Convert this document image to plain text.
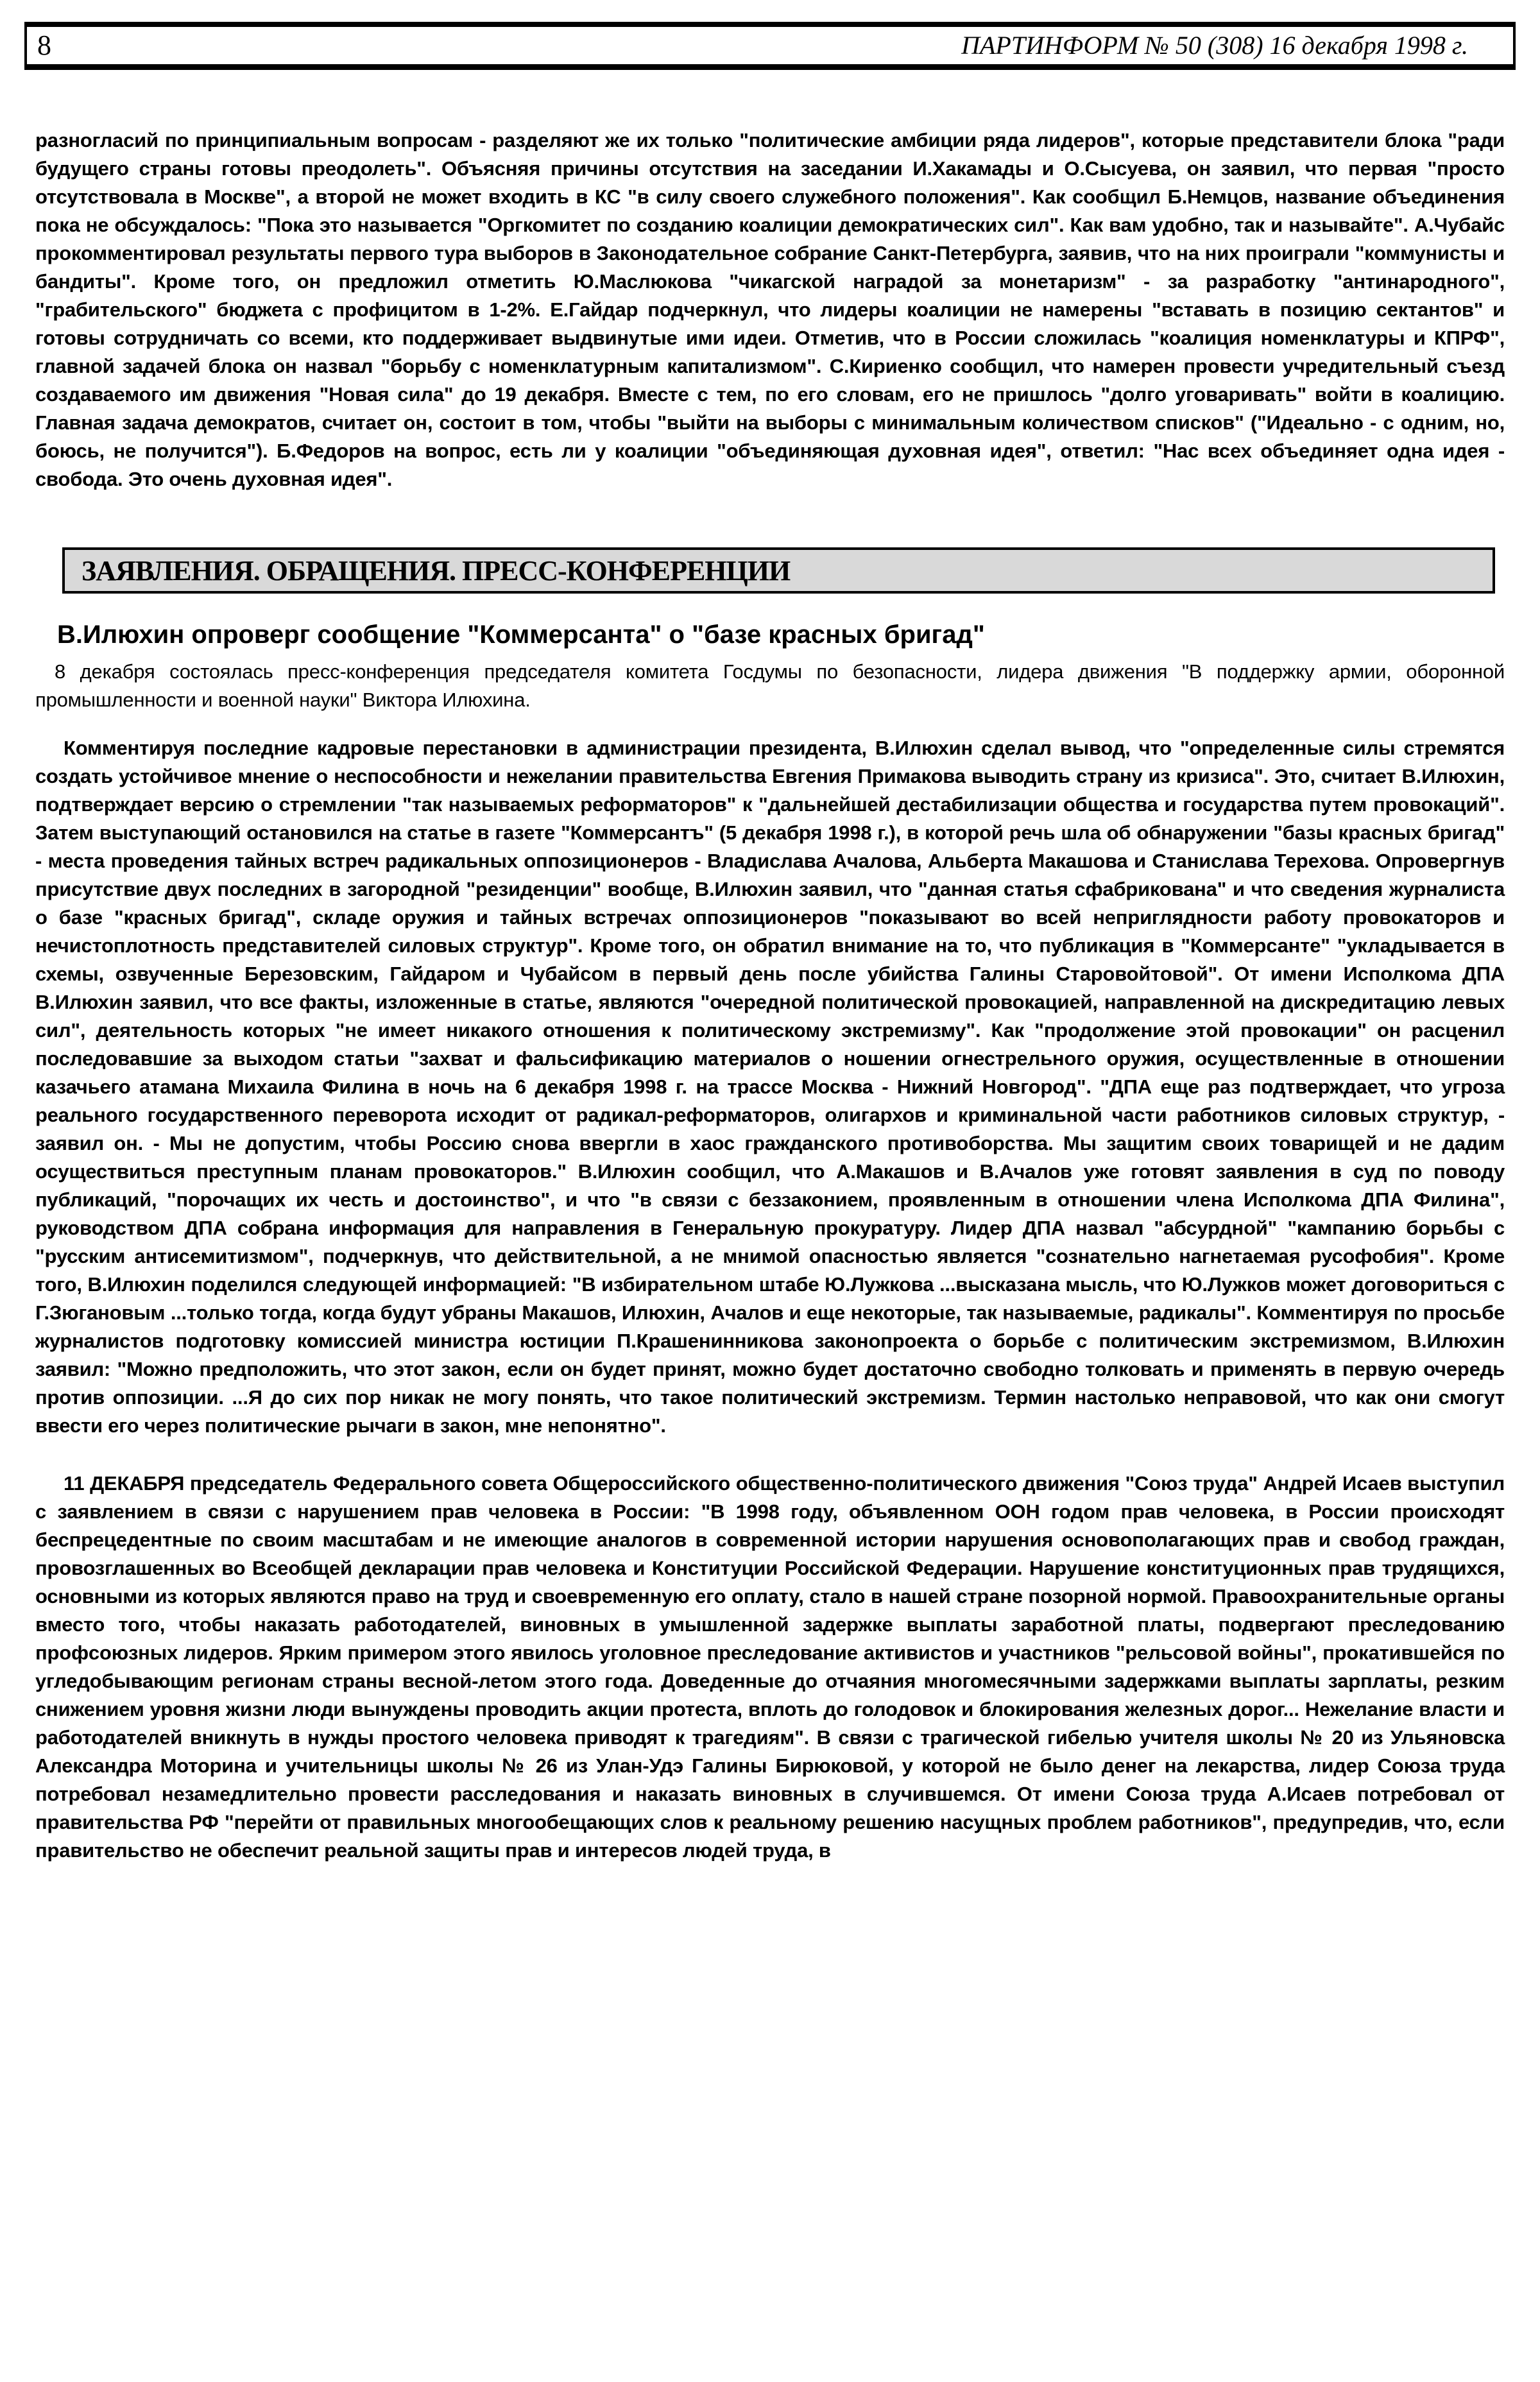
8	ПАРТИНФОРМ № 50 (308) 16 декабря 1998 г.

разногласий по принципиальным вопросам - разделяют же их только "политические амбиции ряда лидеров", которые представители блока "ради будущего страны готовы преодолеть". Объясняя причины отсутствия на заседании И.Хакамады и О.Сысуева, он заявил, что первая "просто отсутствовала в Москве", а второй не может входить в КС "в силу своего служебного положения". Как сообщил Б.Немцов, название объединения пока не обсуждалось: "Пока это называется "Оргкомитет по созданию коалиции демократических сил". Как вам удобно, так и называйте". А.Чубайс прокомментировал результаты первого тура выборов в Законодательное собрание Санкт-Петербурга, заявив, что на них проиграли "коммунисты и бандиты". Кроме того, он предложил отметить Ю.Маслюкова "чикагской наградой за монетаризм" - за разработку "антинародного", "грабительского" бюджета с профицитом в 1-2%. Е.Гайдар подчеркнул, что лидеры коалиции не намерены "вставать в позицию сектантов" и готовы сотрудничать со всеми, кто поддерживает выдвинутые ими идеи. Отметив, что в России сложилась "коалиция номенклатуры и КПРФ", главной задачей блока он назвал "борьбу с номенклатурным капитализмом". С.Кириенко сообщил, что намерен провести учредительный съезд создаваемого им движения "Новая сила" до 19 декабря. Вместе с тем, по его словам, его не пришлось "долго уговаривать" войти в коалицию. Главная задача демократов, считает он, состоит в том, чтобы "выйти на выборы с минимальным количеством списков" ("Идеально - с одним, но, боюсь, не получится"). Б.Федоров на вопрос, есть ли у коалиции "объединяющая духовная идея", ответил: "Нас всех объединяет одна идея - свобода. Это очень духовная идея".

ЗАЯВЛЕНИЯ. ОБРАЩЕНИЯ. ПРЕСС-КОНФЕРЕНЦИИ
В.Илюхин опроверг сообщение "Коммерсанта" о "базе красных бригад"

8 декабря состоялась пресс-конференция председателя комитета Госдумы по безопасности, лидера движения "В поддержку армии, оборонной промышленности и военной науки" Виктора Илюхина.

Комментируя последние кадровые перестановки в администрации президента, В.Илюхин сделал вывод, что "определенные силы стремятся создать устойчивое мнение о неспособности и нежелании правительства Евгения Примакова выводить страну из кризиса". Это, считает В.Илюхин, подтверждает версию о стремлении "так называемых реформаторов" к "дальнейшей дестабилизации общества и государства путем провокаций". Затем выступающий остановился на статье в газете "Коммерсантъ" (5 декабря 1998 г.), в которой речь шла об обнаружении "базы красных бригад" - места проведения тайных встреч радикальных оппозиционеров - Владислава Ачалова, Альберта Макашова и Станислава Терехова. Опровергнув присутствие двух последних в загородной "резиденции" вообще, В.Илюхин заявил, что "данная статья сфабрикована" и что сведения журналиста о базе "красных бригад", складе оружия и тайных встречах оппозиционеров "показывают во всей неприглядности работу провокаторов и нечистоплотность представителей силовых структур". Кроме того, он обратил внимание на то, что публикация в "Коммерсанте" "укладывается в схемы, озвученные Березовским, Гайдаром и Чубайсом в первый день после убийства Галины Старовойтовой". От имени Исполкома ДПА В.Илюхин заявил, что все факты, изложенные в статье, являются "очередной политической провокацией, направленной на дискредитацию левых сил", деятельность которых "не имеет никакого отношения к политическому экстремизму". Как "продолжение этой провокации" он расценил последовавшие за выходом статьи "захват и фальсификацию материалов о ношении огнестрельного оружия, осуществленные в отношении казачьего атамана Михаила Филина в ночь на 6 декабря 1998 г. на трассе Москва - Нижний Новгород". "ДПА еще раз подтверждает, что угроза реального государственного переворота исходит от радикал-реформаторов, олигархов и криминальной части работников силовых структур, - заявил он. - Мы не допустим, чтобы Россию снова ввергли в хаос гражданского противоборства. Мы защитим своих товарищей и не дадим осуществиться преступным планам провокаторов." В.Илюхин сообщил, что А.Макашов и В.Ачалов уже готовят заявления в суд по поводу публикаций, "порочащих их честь и достоинство", и что "в связи с беззаконием, проявленным в отношении члена Исполкома ДПА Филина", руководством ДПА собрана информация для направления в Генеральную прокуратуру. Лидер ДПА назвал "абсурдной" "кампанию борьбы с "русским антисемитизмом", подчеркнув, что действительной, а не мнимой опасностью является "сознательно нагнетаемая русофобия". Кроме того, В.Илюхин поделился следующей информацией: "В избирательном штабе Ю.Лужкова ...высказана мысль, что Ю.Лужков может договориться с Г.Зюгановым ...только тогда, когда будут убраны Макашов, Илюхин, Ачалов и еще некоторые, так называемые, радикалы". Комментируя по просьбе журналистов подготовку комиссией министра юстиции П.Крашенинникова законопроекта о борьбе с политическим экстремизмом, В.Илюхин заявил: "Можно предположить, что этот закон, если он будет принят, можно будет достаточно свободно толковать и применять в первую очередь против оппозиции. ...Я до сих пор никак не могу понять, что такое политический экстремизм. Термин настолько неправовой, что как они смогут ввести его через политические рычаги в закон, мне непонятно".

11 ДЕКАБРЯ председатель Федерального совета Общероссийского общественно-политического движения "Союз труда" Андрей Исаев выступил с заявлением в связи с нарушением прав человека в России: "В 1998 году, объявленном ООН годом прав человека, в России происходят беспрецедентные по своим масштабам и не имеющие аналогов в современной истории нарушения основополагающих прав и свобод граждан, провозглашенных во Всеобщей декларации прав человека и Конституции Российской Федерации. Нарушение конституционных прав трудящихся, основными из которых являются право на труд и своевременную его оплату, стало в нашей стране позорной нормой. Правоохранительные органы вместо того, чтобы наказать работодателей, виновных в умышленной задержке выплаты заработной платы, подвергают преследованию профсоюзных лидеров. Ярким примером этого явилось уголовное преследование активистов и участников "рельсовой войны", прокатившейся по угледобывающим регионам страны весной-летом этого года. Доведенные до отчаяния многомесячными задержками выплаты зарплаты, резким снижением уровня жизни люди вынуждены проводить акции протеста, вплоть до голодовок и блокирования железных дорог... Нежелание власти и работодателей вникнуть в нужды простого человека приводят к трагедиям". В связи с трагической гибелью учителя школы № 20 из Ульяновска Александра Моторина и учительницы школы № 26 из Улан-Удэ Галины Бирюковой, у которой не было денег на лекарства, лидер Союза труда потребовал незамедлительно провести расследования и наказать виновных в случившемся. От имени Союза труда А.Исаев потребовал от правительства РФ "перейти от правильных многообещающих слов к реальному решению насущных проблем работников", предупредив, что, если правительство не обеспечит реальной защиты прав и интересов людей труда, в
